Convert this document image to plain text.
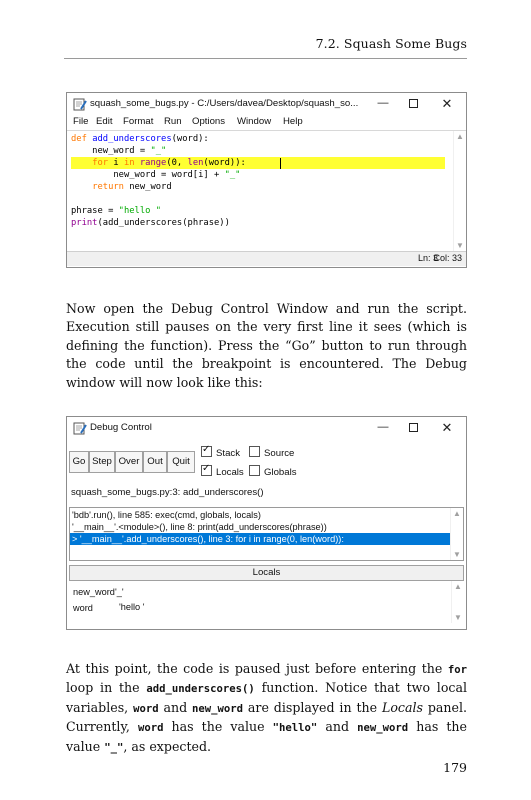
7.2. Squash Some Bugs
squash_some_bugs.py - C:/Users/davea/Desktop/squash_so...	—	✕
File Edit Format Run Options Window Help
def add_underscores(word):
new_word = "_"
for i in range(0, len(word)):
new_word = word[i] + "_"
return new_word
phrase = "hello "
print(add_underscores(phrase))
▲
▼
Ln: 3
Col: 33
Now open the Debug Control Window and run the script. Execution still pauses on the very first line it sees (which is defining the function). Press the “Go” button to run through the code until the breakpoint is encountered. The Debug window will now look like this:
Debug Control	—	✕
Go Step Over Out Quit
✓Stack	Source
✓Locals	Globals
squash_some_bugs.py:3: add_underscores()
'bdb'.run(), line 585: exec(cmd, globals, locals)
'__main__'.<module>(), line 8: print(add_underscores(phrase))
> '__main__'.add_underscores(), line 3: for i in range(0, len(word)):
▲
▼
Locals
new_word '_'
word	'hello '
▲
▼
At this point, the code is paused just before entering the for loop in the add_underscores() function. Notice that two local variables, word and new_word are displayed in the Locals panel. Currently, word has the value "hello" and new_word has the value "_", as expected.
179
